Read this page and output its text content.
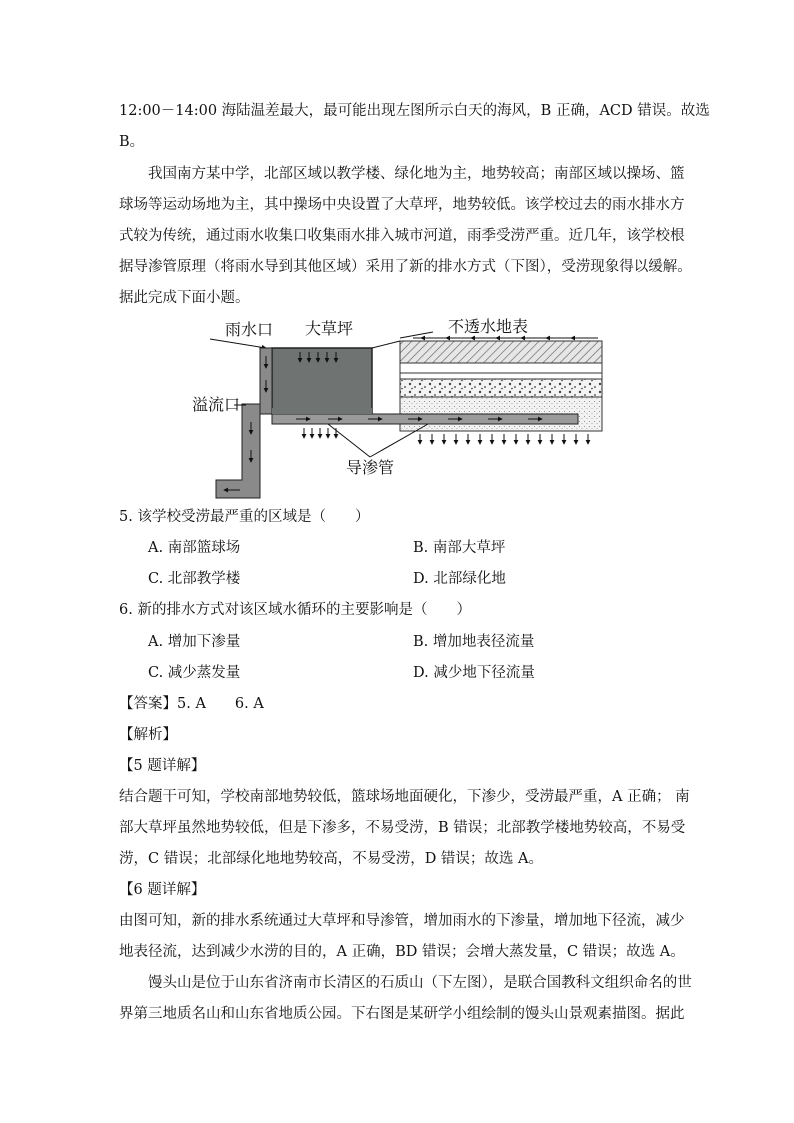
12:00－14:00 海陆温差最大，最可能出现左图所示白天的海风，B 正确，ACD 错误。故选
B。
我国南方某中学，北部区域以教学楼、绿化地为主，地势较高；南部区域以操场、篮
球场等运动场地为主，其中操场中央设置了大草坪，地势较低。该学校过去的雨水排水方
式较为传统，通过雨水收集口收集雨水排入城市河道，雨季受涝严重。近几年，该学校根
据导渗管原理（将雨水导到其他区域）采用了新的排水方式（下图），受涝现象得以缓解。
据此完成下面小题。
雨水口 大草坪	不透水地表
溢流口
导渗管
5. 该学校受涝最严重的区域是（　　）
A. 南部篮球场	B. 南部大草坪
C. 北部教学楼	D. 北部绿化地
6. 新的排水方式对该区域水循环的主要影响是（　　）
A. 增加下渗量	B. 增加地表径流量
C. 减少蒸发量	D. 减少地下径流量
【答案】5. A　　6. A
【解析】
【5 题详解】
结合题干可知，学校南部地势较低，篮球场地面硬化，下渗少，受涝最严重，A 正确； 南
部大草坪虽然地势较低，但是下渗多，不易受涝，B 错误；北部教学楼地势较高，不易受
涝，C 错误；北部绿化地地势较高，不易受涝，D 错误；故选 A。
【6 题详解】
由图可知，新的排水系统通过大草坪和导渗管，增加雨水的下渗量，增加地下径流，减少
地表径流，达到减少水涝的目的，A 正确，BD 错误；会增大蒸发量，C 错误；故选 A。
馒头山是位于山东省济南市长清区的石质山（下左图），是联合国教科文组织命名的世
界第三地质名山和山东省地质公园。下右图是某研学小组绘制的馒头山景观素描图。据此
